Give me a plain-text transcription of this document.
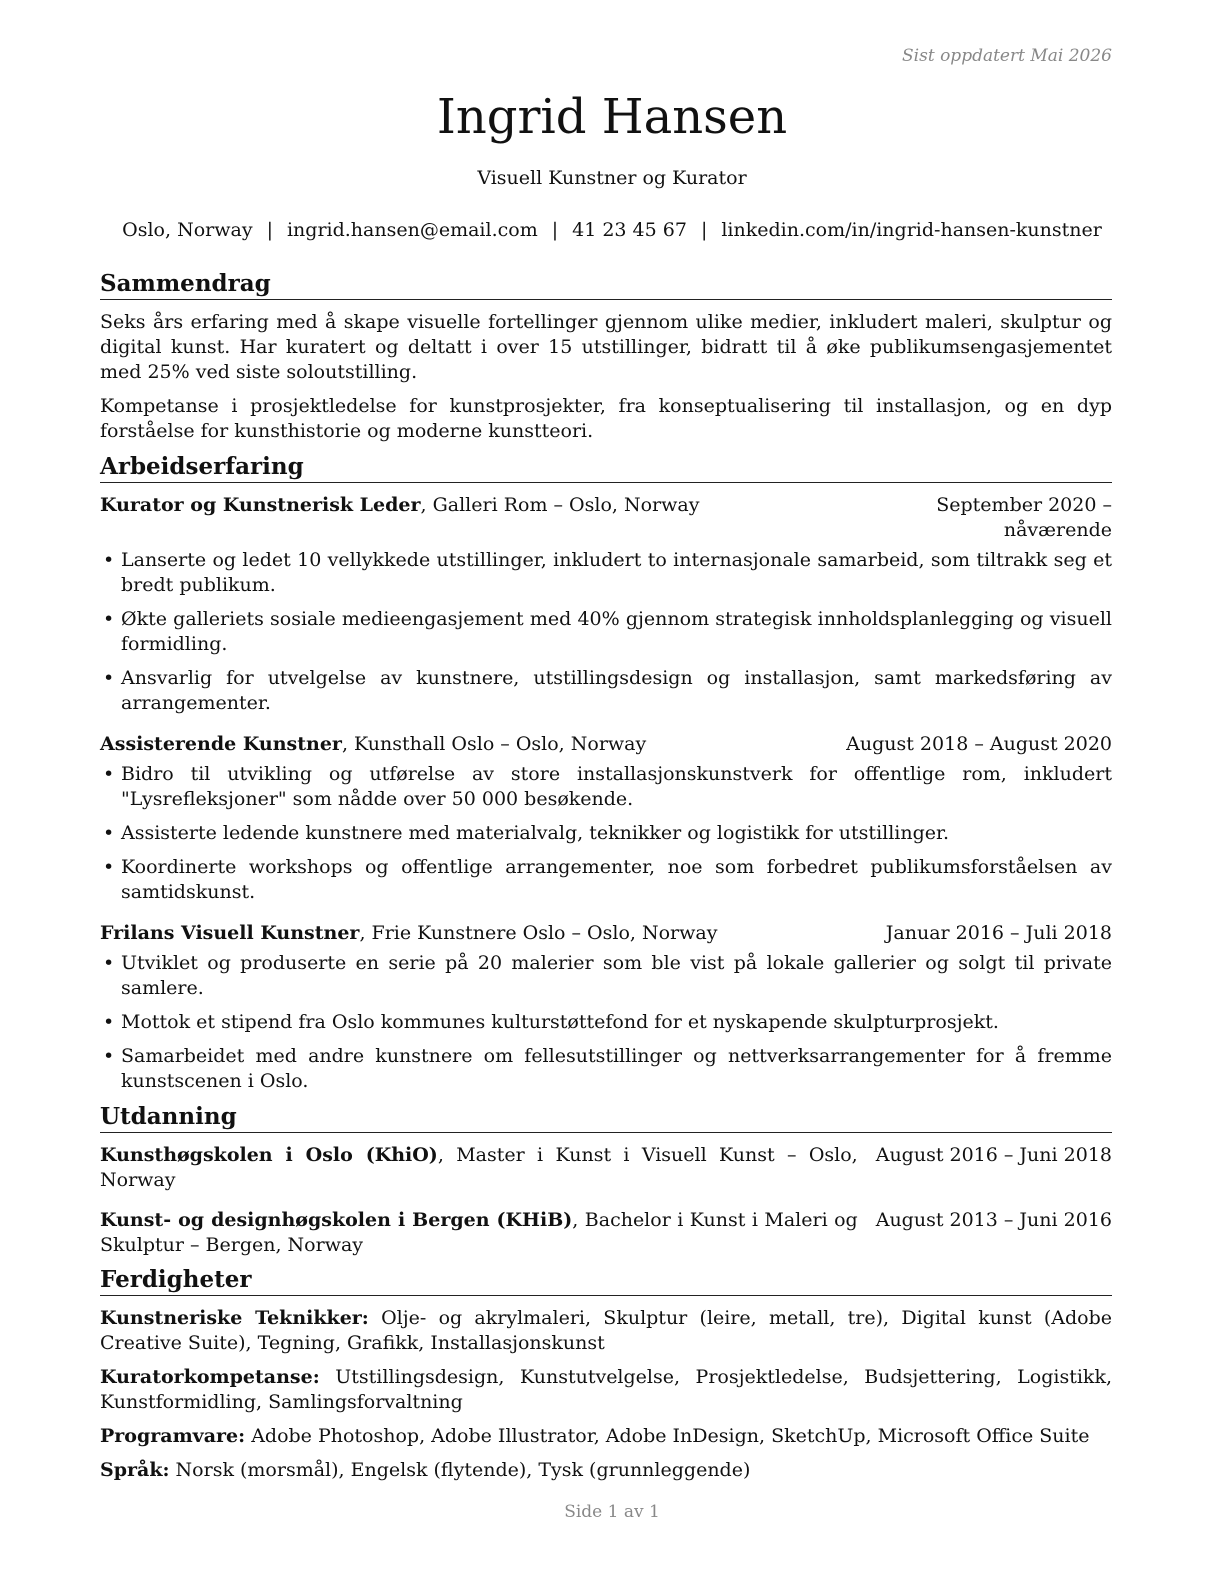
Sist oppdatert Mai 2026
Ingrid Hansen
Visuell Kunstner og Kurator
Oslo, Norway | ingrid.hansen@email.com | 41 23 45 67 | linkedin.com/in/ingrid-hansen-kunstner
Sammendrag

Seks års erfaring med å skape visuelle fortellinger gjennom ulike medier, inkludert maleri, skulptur og digital kunst. Har kuratert og deltatt i over 15 utstillinger, bidratt til å øke publikumsengasjementet med 25% ved siste soloutstilling.

Kompetanse i prosjektledelse for kunstprosjekter, fra konseptualisering til installasjon, og en dyp forståelse for kunsthistorie og moderne kunstteori.

Arbeidserfaring
Kurator og Kunstnerisk Leder, Galleri Rom – Oslo, Norway	September 2020 – nåværende
• Lanserte og ledet 10 vellykkede utstillinger, inkludert to internasjonale samarbeid, som tiltrakk seg et bredt publikum.
• Økte galleriets sosiale medieengasjement med 40% gjennom strategisk innholdsplanlegging og visuell formidling.
• Ansvarlig for utvelgelse av kunstnere, utstillingsdesign og installasjon, samt markedsføring av arrangementer.
Assisterende Kunstner, Kunsthall Oslo – Oslo, Norway	August 2018 – August 2020
• Bidro til utvikling og utførelse av store installasjonskunstverk for offentlige rom, inkludert "Lysrefleksjoner" som nådde over 50 000 besøkende.
• Assisterte ledende kunstnere med materialvalg, teknikker og logistikk for utstillinger.
• Koordinerte workshops og offentlige arrangementer, noe som forbedret publikumsforståelsen av samtidskunst.
Frilans Visuell Kunstner, Frie Kunstnere Oslo – Oslo, Norway	Januar 2016 – Juli 2018
• Utviklet og produserte en serie på 20 malerier som ble vist på lokale gallerier og solgt til private samlere.
• Mottok et stipend fra Oslo kommunes kulturstøttefond for et nyskapende skulpturprosjekt.
• Samarbeidet med andre kunstnere om fellesutstillinger og nettverksarrangementer for å fremme kunstscenen i Oslo.
Utdanning
Kunsthøgskolen i Oslo (KhiO), Master i Kunst i Visuell Kunst – Oslo, Norway
August 2016 – Juni 2018
Kunst- og designhøgskolen i Bergen (KHiB), Bachelor i Kunst i Maleri og Skulptur – Bergen, Norway
August 2013 – Juni 2016
Ferdigheter
Kunstneriske Teknikker: Olje- og akrylmaleri, Skulptur (leire, metall, tre), Digital kunst (Adobe Creative Suite), Tegning, Grafikk, Installasjonskunst
Kuratorkompetanse: Utstillingsdesign, Kunstutvelgelse, Prosjektledelse, Budsjettering, Logistikk, Kunstformidling, Samlingsforvaltning
Programvare: Adobe Photoshop, Adobe Illustrator, Adobe InDesign, SketchUp, Microsoft Office Suite
Språk: Norsk (morsmål), Engelsk (flytende), Tysk (grunnleggende)
Side 1 av 1
